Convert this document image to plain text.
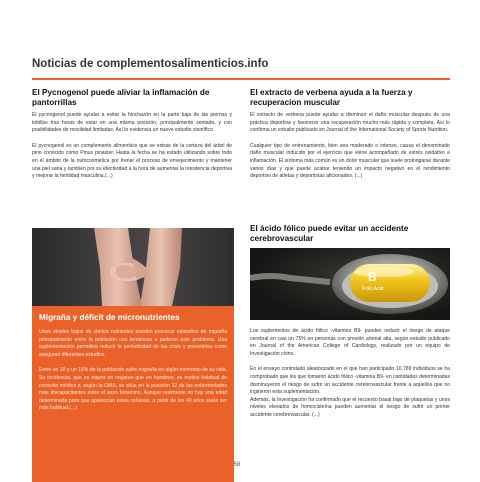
Noticias de complementosalimenticios.info
El Pycnogenol puede aliviar la inflamación de pantorrillas

El pycnogenol puede ayudar a evitar la hinchazón en la parte baja de las piernas y tobillos tras horas de estar en una misma posición, principalmente sentado, y con posibilidades de movilidad limitadas. Así lo evidencia un nuevo estudio científico.

El pycnogenol es un complemento alimenticio que se extrae de la corteza del árbol de pino conocido como Pinus pinaster. Hasta la fecha se ha estado utilizando sobre todo en el ámbito de la nutricosmética por frenar el proceso de envejecimiento y mantener una piel sana y también por su efectividad a la hora de aumentar la resistencia deportiva y mejorar la fertilidad masculina.(...)

Migraña y déficit de micronutrientes

Unos niveles bajos de ciertos nutrientes pueden provocar episodios de migraña principalmente entre la población con tendencia a padecer este problema. Una suplementación permitiría reducir la periodicidad de las crisis y prevenirlas como aseguran diferentes estudios.

Entre un 10 y un 15% de la población sufre migraña en algún momento de su vida. Su incidencia, que es mayor en mujeres que en hombres, es motivo habitual de consulta médica y, según la OMS, se sitúa en la posición 12 de las enfermedades más discapacitantes entre el sexo femenino. Aunque realmente no hay una edad determinada para que aparezcan estas cefaleas, a partir de los 40 años suele ser más habitual.(...)

El extracto de verbena ayuda a la fuerza y recuperacion muscular

El extracto de verbena puede ayudar a disminuir el daño muscular después de una práctica deportiva y favorecer una recuperación mucho más rápida y completa. Así lo confirma un estudio publicado en Journal of the International Society of Sports Nutrition.

Cualquier tipo de entrenamiento, bien sea moderado o intenso, causa el denominado daño muscular inducido por el ejercicio que viene acompañado de estrés oxidativo e inflamación. El síntoma más común es un dolor muscular que suele prolongarse durante varios días y que puede acabar teniendo un impacto negativo en el rendimiento deportivo de atletas y deportistas aficionados. (...)

El ácido fólico puede evitar un accidente cerebrovascular
B
Folic Acid

Los suplementos de ácido fólico -vitamina B9- pueden reducir el riesgo de ataque cerebral en casi un 75% en personas con presión arterial alta, según estudio publicado en Journal of the American College of Cardiology, realizado por un equipo de Investigación chino.

En el ensayo controlado aleatorizado en el que han participado 10.789 individuos se ha comprobado que los que tomaron ácido fólico -vitamina B9- en cantidades determinadas disminuyeron el riesgo de sufrir un accidente cerebrovascular frente a aquellos que no ingirieron esta suplementación.

Además, la Investigación ha confirmado que el recuento basal bajo de plaquetas y unos niveles elevados de homocisteína pueden aumentar el riesgo de sufrir un primer accidente cerebrovascular. (...)

58
